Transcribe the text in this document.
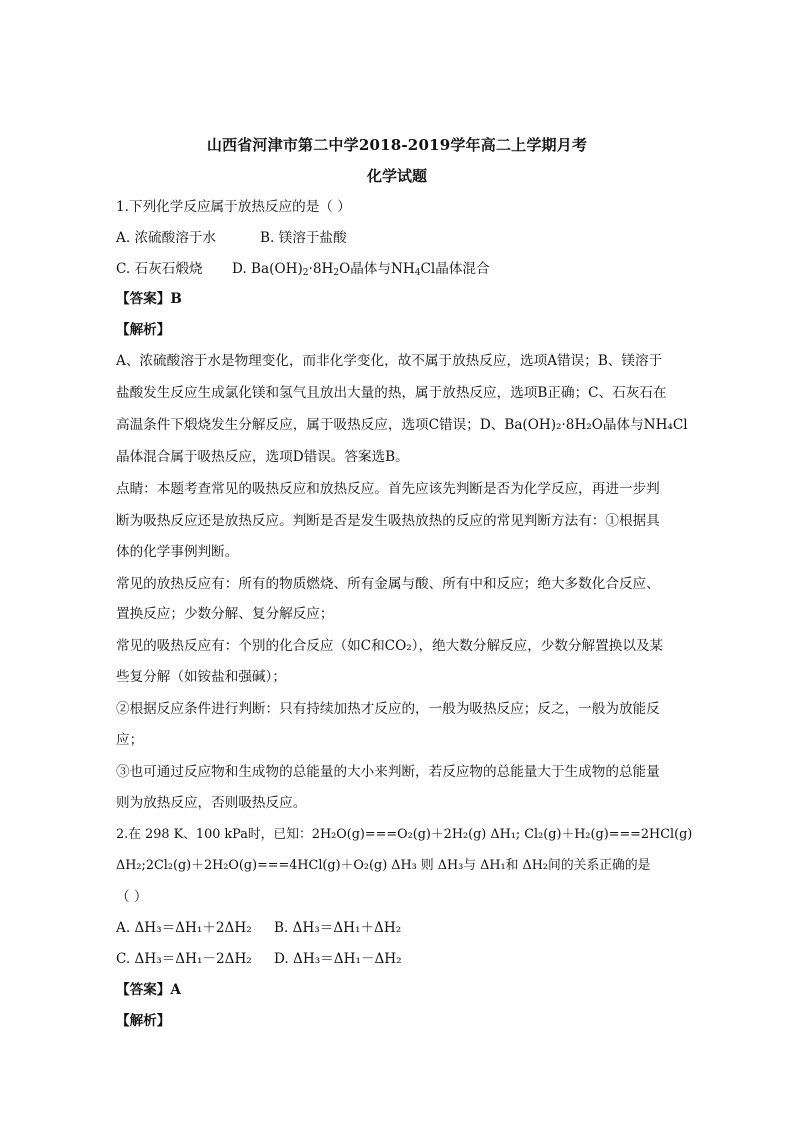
山西省河津市第二中学2018-2019学年高二上学期月考
化学试题
1.下列化学反应属于放热反应的是（ ）
A. 浓硫酸溶于水	B. 镁溶于盐酸
C. 石灰石煅烧 D. $Ba(OH)_2\cdot 8H_2O$晶体与$NH_4Cl$晶体混合
【答案】B
【解析】
A、浓硫酸溶于水是物理变化，而非化学变化，故不属于放热反应，选项A错误；B、镁溶于
盐酸发生反应生成氯化镁和氢气且放出大量的热，属于放热反应，选项B正确；C、石灰石在
高温条件下煅烧发生分解反应，属于吸热反应，选项C错误；D、Ba(OH)₂·8H₂O晶体与NH₄Cl
晶体混合属于吸热反应，选项D错误。答案选B。
点睛：本题考查常见的吸热反应和放热反应。首先应该先判断是否为化学反应，再进一步判
断为吸热反应还是放热反应。判断是否是发生吸热放热的反应的常见判断方法有：①根据具
体的化学事例判断。
常见的放热反应有：所有的物质燃烧、所有金属与酸、所有中和反应；绝大多数化合反应、
置换反应；少数分解、复分解反应；
常见的吸热反应有：个别的化合反应（如C和CO₂），绝大数分解反应，少数分解置换以及某
些复分解（如铵盐和强碱）；
②根据反应条件进行判断：只有持续加热才反应的，一般为吸热反应；反之，一般为放能反
应；
③也可通过反应物和生成物的总能量的大小来判断，若反应物的总能量大于生成物的总能量
则为放热反应，否则吸热反应。
2.在 298 K、100 kPa时，已知：2H₂O(g)===O₂(g)＋2H₂(g) ΔH₁; Cl₂(g)＋H₂(g)===2HCl(g)
ΔH₂;2Cl₂(g)＋2H₂O(g)===4HCl(g)＋O₂(g) ΔH₃ 则 ΔH₃与 ΔH₁和 ΔH₂间的关系正确的是
（ ）
A. ΔH₃＝ΔH₁＋2ΔH₂ B. ΔH₃＝ΔH₁＋ΔH₂
C. ΔH₃＝ΔH₁－2ΔH₂ D. ΔH₃＝ΔH₁－ΔH₂
【答案】A
【解析】
